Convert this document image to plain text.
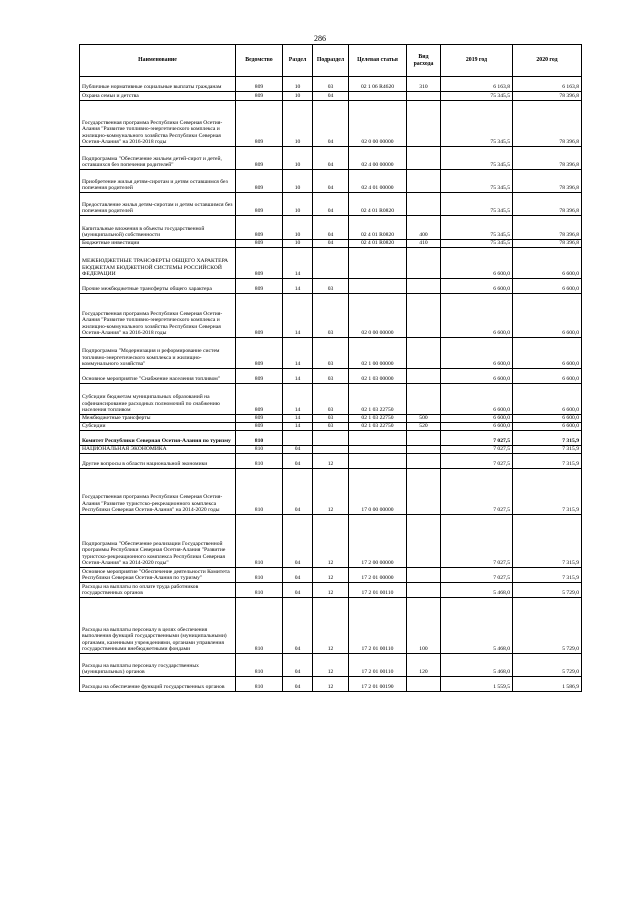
286
Наименование	Ведомство	Раздел	Подраздел	Целевая статья	Вид расхода	2019 год	2020 год
Публичные нормативные социальные выплаты гражданам	809	10	03	02 1 06 R4620	310	6 163,8	6 163,8
Охрана семьи и детства	809	10	04			75 345,5	78 396,8
Государственная программа Республики Северная Осетия-Алания "Развитие топливно-энергетического комплекса и жилищно-коммунального хозяйства Республики Северная Осетия-Алания" на 2016-2018 годы	809	10	04	02 0 00 00000		75 345,5	78 396,8
Подпрограмма "Обеспечение жильем детей-сирот и детей, оставшихся без попечения родителей"	809	10	04	02 4 00 00000		75 345,5	78 396,8
Приобретение жилья детям-сиротам и детям оставшимся без попечения родителей	809	10	04	02 4 01 00000		75 345,5	78 396,8
Предоставление жилья детям-сиротам и детям оставшимся без попечения родителей	809	10	04	02 4 01 R0820		75 345,5	78 396,8
Капитальные вложения в объекты государственной (муниципальной) собственности	809	10	04	02 4 01 R0820	400	75 345,5	78 396,8
Бюджетные инвестиции	809	10	04	02 4 01 R0820	410	75 345,5	78 396,8
МЕЖБЮДЖЕТНЫЕ ТРАНСФЕРТЫ ОБЩЕГО ХАРАКТЕРА БЮДЖЕТАМ БЮДЖЕТНОЙ СИСТЕМЫ РОССИЙСКОЙ ФЕДЕРАЦИИ	809	14				6 600,0	6 600,0
Прочие межбюджетные трансферты общего характера	809	14	03			6 600,0	6 600,0
Государственная программа Республики Северная Осетия-Алания "Развитие топливно-энергетического комплекса и жилищно-коммунального хозяйства Республики Северная Осетия-Алания" на 2016-2018 годы	809	14	03	02 0 00 00000		6 600,0	6 600,0
Подпрограмма "Модернизация и реформирование систем топливно-энергетического комплекса и жилищно-коммунального хозяйства"	809	14	03	02 1 00 00000		6 600,0	6 600,0
Основное мероприятие "Снабжение населения топливом"	809	14	03	02 1 03 00000		6 600,0	6 600,0
Субсидии бюджетам муниципальных образований на софинансирование расходных полномочий по снабжению населения топливом	809	14	03	02 1 03 22750		6 600,0	6 600,0
Межбюджетные трансферты	809	14	03	02 1 03 22750	500	6 600,0	6 600,0
Субсидии	809	14	03	02 1 03 22750	520	6 600,0	6 600,0
Комитет Республики Северная Осетия-Алания по туризму	810					7 027,5	7 315,9
НАЦИОНАЛЬНАЯ ЭКОНОМИКА	810	04				7 027,5	7 315,9
Другие вопросы в области национальной экономики	810	04	12			7 027,5	7 315,9
Государственная программа Республики Северная Осетия-Алания "Развитие туристско-рекреационного комплекса Республики Северная Осетия-Алания" на 2014-2020 годы	810	04	12	17 0 00 00000		7 027,5	7 315,9
Подпрограмма "Обеспечение реализации Государственной программы Республики Северная Осетия-Алания "Развитие туристско-рекреационного комплекса Республики Северная Осетия-Алания" на 2014-2020 годы"	810	04	12	17 2 00 00000		7 027,5	7 315,9
Основное мероприятие "Обеспечение деятельности Комитета Республики Северная Осетия-Алания по туризму"	810	04	12	17 2 01 00000		7 027,5	7 315,9
Расходы на выплаты по оплате труда работников государственных органов	810	04	12	17 2 01 00110		5 468,0	5 729,0
Расходы на выплаты персоналу в целях обеспечения выполнения функций государственными (муниципальными) органами, казенными учреждениями, органами управления государственными внебюджетными фондами	810	04	12	17 2 01 00110	100	5 468,0	5 729,0
Расходы на выплаты персоналу государственных (муниципальных) органов	810	04	12	17 2 01 00110	120	5 468,0	5 729,0
Расходы на обеспечение функций государственных органов	810	04	12	17 2 01 00190		1 559,5	1 586,9
